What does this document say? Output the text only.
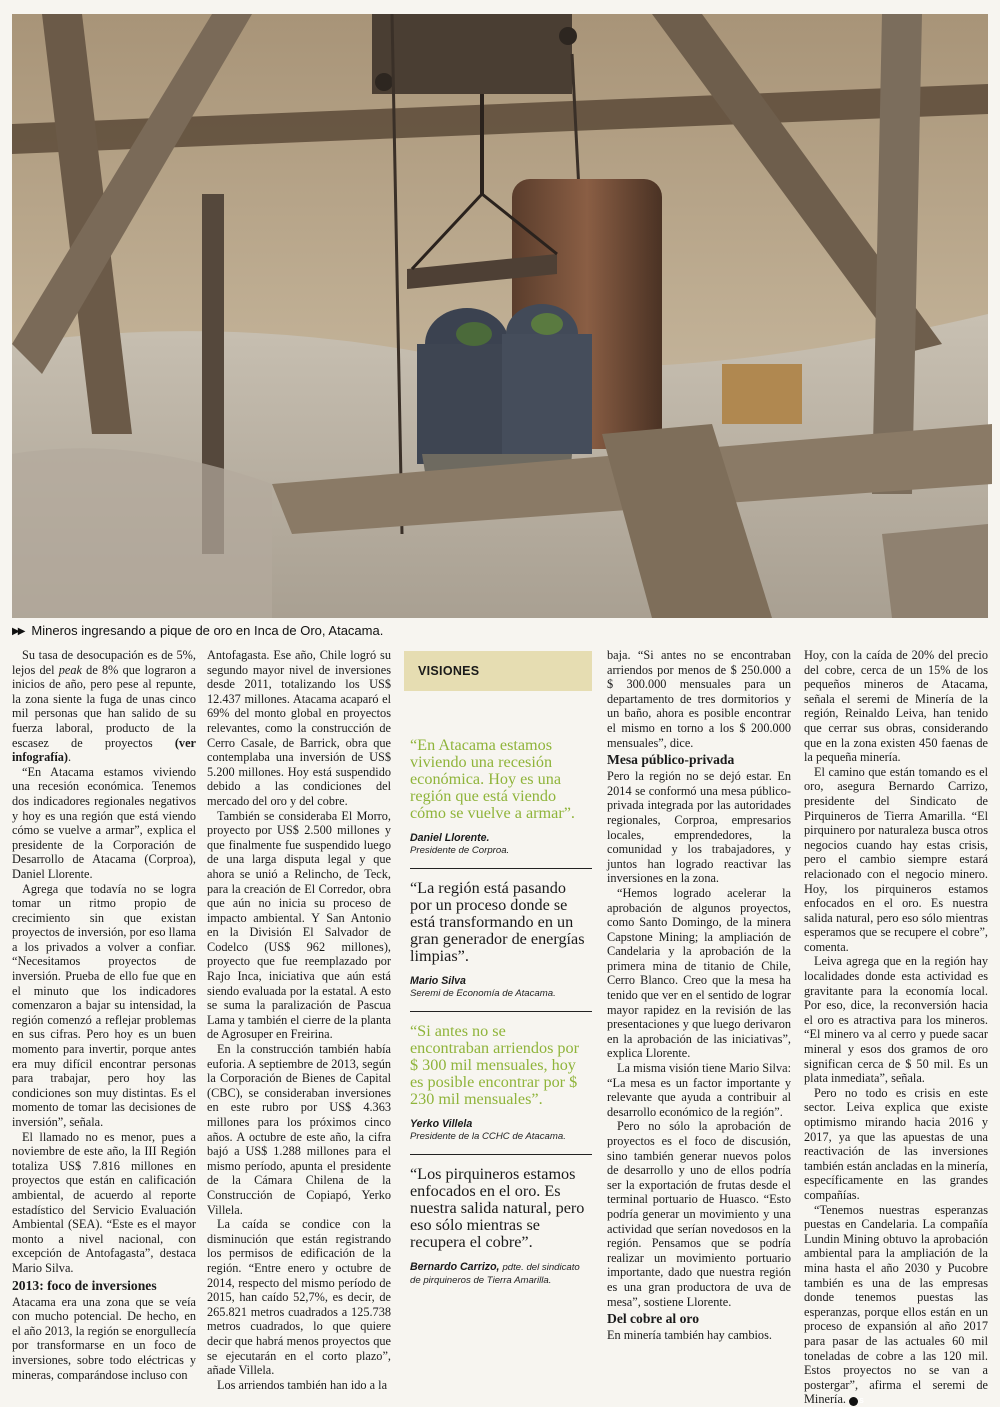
▶▶ Mineros ingresando a pique de oro en Inca de Oro, Atacama.

Su tasa de desocupación es de 5%, lejos del peak de 8% que lograron a inicios de año, pero pese al repunte, la zona siente la fuga de unas cinco mil personas que han salido de su fuerza laboral, producto de la escasez de proyectos (ver infografía).

“En Atacama estamos viviendo una recesión económica. Tenemos dos indicadores regionales negativos y hoy es una región que está viendo cómo se vuelve a armar”, explica el presidente de la Corporación de Desarrollo de Atacama (Corproa), Daniel Llorente.

Agrega que todavía no se logra tomar un ritmo propio de crecimiento sin que existan proyectos de inversión, por eso llama a los privados a volver a confiar. “Necesitamos proyectos de inversión. Prueba de ello fue que en el minuto que los indicadores comenzaron a bajar su intensidad, la región comenzó a reflejar problemas en sus cifras. Pero hoy es un buen momento para invertir, porque antes era muy difícil encontrar personas para trabajar, pero hoy las condiciones son muy distintas. Es el momento de tomar las decisiones de inversión”, señala.

El llamado no es menor, pues a noviembre de este año, la III Región totaliza US$ 7.816 millones en proyectos que están en calificación ambiental, de acuerdo al reporte estadístico del Servicio Evaluación Ambiental (SEA). “Este es el mayor monto a nivel nacional, con excepción de Antofagasta”, destaca Mario Silva.

2013: foco de inversiones

Atacama era una zona que se veía con mucho potencial. De hecho, en el año 2013, la región se enorgullecía por transformarse en un foco de inversiones, sobre todo eléctricas y mineras, comparándose incluso con

Antofagasta. Ese año, Chile logró su segundo mayor nivel de inversiones desde 2011, totalizando los US$ 12.437 millones. Atacama acaparó el 69% del monto global en proyectos relevantes, como la construcción de Cerro Casale, de Barrick, obra que contemplaba una inversión de US$ 5.200 millones. Hoy está suspendido debido a las condiciones del mercado del oro y del cobre.

También se consideraba El Morro, proyecto por US$ 2.500 millones y que finalmente fue suspendido luego de una larga disputa legal y que ahora se unió a Relincho, de Teck, para la creación de El Corredor, obra que aún no inicia su proceso de impacto ambiental. Y San Antonio en la División El Salvador de Codelco (US$ 962 millones), proyecto que fue reemplazado por Rajo Inca, iniciativa que aún está siendo evaluada por la estatal. A esto se suma la paralización de Pascua Lama y también el cierre de la planta de Agrosuper en Freirina.

En la construcción también había euforia. A septiembre de 2013, según la Corporación de Bienes de Capital (CBC), se consideraban inversiones en este rubro por US$ 4.363 millones para los próximos cinco años. A octubre de este año, la cifra bajó a US$ 1.288 millones para el mismo período, apunta el presidente de la Cámara Chilena de la Construcción de Copiapó, Yerko Villela.

La caída se condice con la disminución que están registrando los permisos de edificación de la región. “Entre enero y octubre de 2014, respecto del mismo período de 2015, han caído 52,7%, es decir, de 265.821 metros cuadrados a 125.738 metros cuadrados, lo que quiere decir que habrá menos proyectos que se ejecutarán en el corto plazo”, añade Villela.

Los arriendos también han ido a la

VISIONES

“En Atacama estamos viviendo una recesión económica. Hoy es una región que está viendo cómo se vuelve a armar”.

Daniel Llorente.
Presidente de Corproa.

“La región está pasando por un proceso donde se está transformando en un gran generador de energías limpias”.

Mario Silva
Seremi de Economía de Atacama.

“Si antes no se encontraban arriendos por $ 300 mil mensuales, hoy es posible encontrar por $ 230 mil mensuales”.

Yerko Villela
Presidente de la CCHC de Atacama.

“Los pirquineros estamos enfocados en el oro. Es nuestra salida natural, pero eso sólo mientras se recupera el cobre”.

Bernardo Carrizo, pdte. del sindicato de pirquineros de Tierra Amarilla.

baja. “Si antes no se encontraban arriendos por menos de $ 250.000 a $ 300.000 mensuales para un departamento de tres dormitorios y un baño, ahora es posible encontrar el mismo en torno a los $ 200.000 mensuales”, dice.

Mesa público-privada

Pero la región no se dejó estar. En 2014 se conformó una mesa público-privada integrada por las autoridades regionales, Corproa, empresarios locales, emprendedores, la comunidad y los trabajadores, y juntos han logrado reactivar las inversiones en la zona.

“Hemos logrado acelerar la aprobación de algunos proyectos, como Santo Domingo, de la minera Capstone Mining; la ampliación de Candelaria y la aprobación de la primera mina de titanio de Chile, Cerro Blanco. Creo que la mesa ha tenido que ver en el sentido de lograr mayor rapidez en la revisión de las presentaciones y que luego derivaron en la aprobación de las iniciativas”, explica Llorente.

La misma visión tiene Mario Silva: “La mesa es un factor importante y relevante que ayuda a contribuir al desarrollo económico de la región”.

Pero no sólo la aprobación de proyectos es el foco de discusión, sino también generar nuevos polos de desarrollo y uno de ellos podría ser la exportación de frutas desde el terminal portuario de Huasco. “Esto podría generar un movimiento y una actividad que serían novedosos en la región. Pensamos que se podría realizar un movimiento portuario importante, dado que nuestra región es una gran productora de uva de mesa”, sostiene Llorente.

Del cobre al oro

En minería también hay cambios.

Hoy, con la caída de 20% del precio del cobre, cerca de un 15% de los pequeños mineros de Atacama, señala el seremi de Minería de la región, Reinaldo Leiva, han tenido que cerrar sus obras, considerando que en la zona existen 450 faenas de la pequeña minería.

El camino que están tomando es el oro, asegura Bernardo Carrizo, presidente del Sindicato de Pirquineros de Tierra Amarilla. “El pirquinero por naturaleza busca otros negocios cuando hay estas crisis, pero el cambio siempre estará relacionado con el negocio minero. Hoy, los pirquineros estamos enfocados en el oro. Es nuestra salida natural, pero eso sólo mientras esperamos que se recupere el cobre”, comenta.

Leiva agrega que en la región hay localidades donde esta actividad es gravitante para la economía local. Por eso, dice, la reconversión hacia el oro es atractiva para los mineros. “El minero va al cerro y puede sacar mineral y esos dos gramos de oro significan cerca de $ 50 mil. Es un plata inmediata”, señala.

Pero no todo es crisis en este sector. Leiva explica que existe optimismo mirando hacia 2016 y 2017, ya que las apuestas de una reactivación de las inversiones también están ancladas en la minería, específicamente en las grandes compañías.

“Tenemos nuestras esperanzas puestas en Candelaria. La compañía Lundin Mining obtuvo la aprobación ambiental para la ampliación de la mina hasta el año 2030 y Pucobre también es una de las empresas donde tenemos puestas las esperanzas, porque ellos están en un proceso de expansión al año 2017 para pasar de las actuales 60 mil toneladas de cobre a las 120 mil. Estos proyectos no se van a postergar”, afirma el seremi de Minería. S
